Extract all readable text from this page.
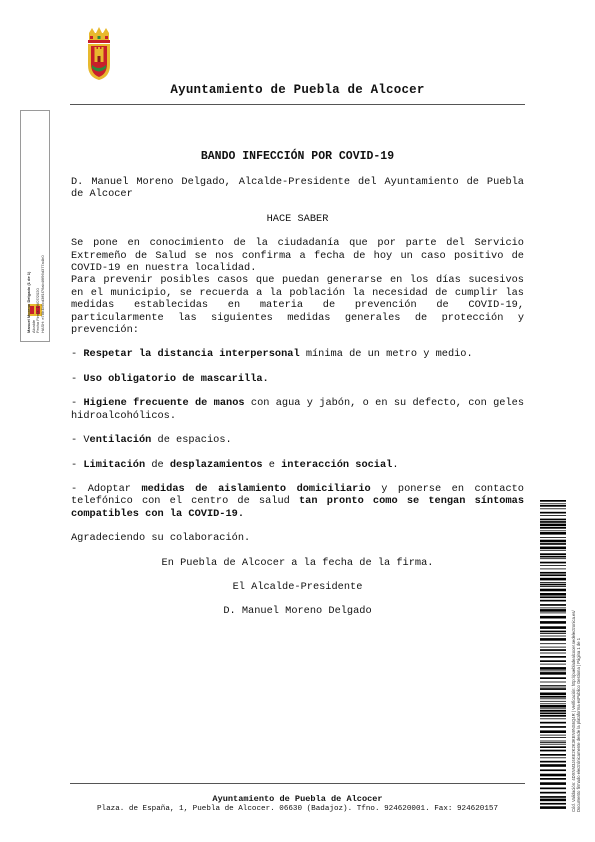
Ayuntamiento de Puebla de Alcocer
Manuel Moreno Delgado (1 de 1) Alcalde Fecha Firma: 16/07/2020 HASH: e78b4b6cd3ff1f76ab46f96d377a4b0
BANDO INFECCIÓN POR COVID-19

D. Manuel Moreno Delgado, Alcalde-Presidente del Ayuntamiento de Puebla de Alcocer

HACE SABER

Se pone en conocimiento de la ciudadanía que por parte del Servicio Extremeño de Salud se nos confirma a fecha de hoy un caso positivo de COVID-19 en nuestra localidad.

Para prevenir posibles casos que puedan generarse en los días sucesivos en el municipio, se recuerda a la población la necesidad de cumplir las medidas establecidas en materia de prevención de COVID-19, particularmente las siguientes medidas generales de protección y prevención:

- Respetar la distancia interpersonal mínima de un metro y medio.

- Uso obligatorio de mascarilla.

- Higiene frecuente de manos con agua y jabón, o en su defecto, con geles hidroalcohólicos.

- Ventilación de espacios.

- Limitación de desplazamientos e interacción social.

- Adoptar medidas de aislamiento domiciliario y ponerse en contacto telefónico con el centro de salud tan pronto como se tengan síntomas compatibles con la COVID-19.

Agradeciendo su colaboración.

En Puebla de Alcocer a la fecha de la firma.

El Alcalde-Presidente

D. Manuel Moreno Delgado	Cód. Validación: 4DXNM3J4KE2K2K3KEN9NS6Q4R | Verificación: http://puebladealcocer.sedelectronica.es/ Documento firmado electrónicamente desde la plataforma esPublico Gestiona | Página 1 de 1
Ayuntamiento de Puebla de Alcocer
Plaza. de España, 1, Puebla de Alcocer. 06630 (Badajoz). Tfno. 924620001. Fax: 924620157
